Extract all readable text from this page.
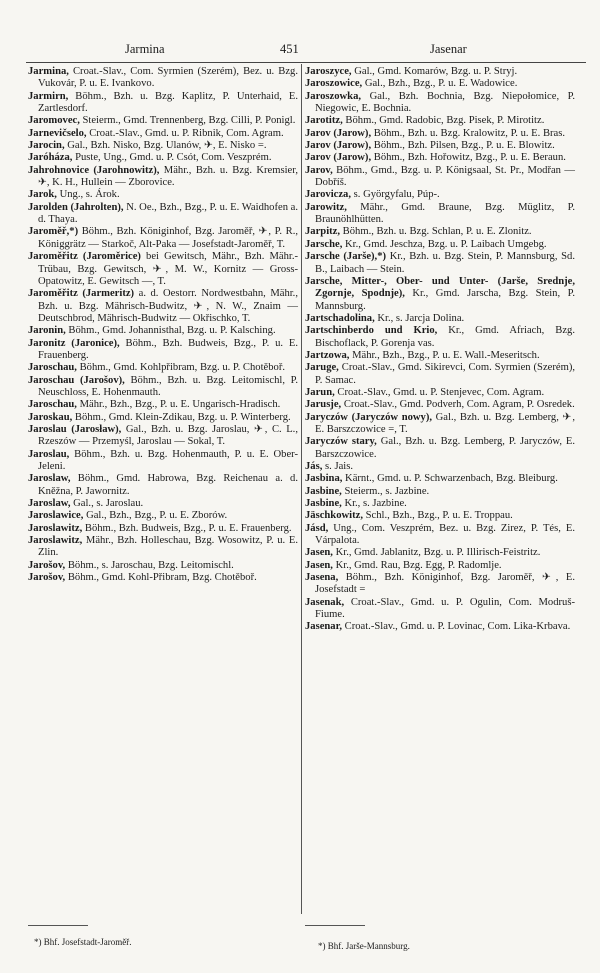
Jarmina	451	Jasenar

Jarmina, Croat.-Slav., Com. Syrmien (Szerém), Bez. u. Bzg. Vukovár, P. u. E. Ivankovo.

Jarmirn, Böhm., Bzh. u. Bzg. Kaplitz, P. Unterhaid, E. Zartlesdorf.

Jaromovec, Steierm., Gmd. Trennenberg, Bzg. Cilli, P. Ponigl.

Jarnevičselo, Croat.-Slav., Gmd. u. P. Ribnik, Com. Agram.

Jarocin, Gal., Bzh. Nisko, Bzg. Ulanów, ✈, E. Nisko =.

Jaróháza, Puste, Ung., Gmd. u. P. Csót, Com. Veszprém.

Jahrohnovice (Jarohnowitz), Mähr., Bzh. u. Bzg. Kremsier, ✈, K. H., Hullein — Zborovice.

Jarok, Ung., s. Árok.

Jarolden (Jahrolten), N. Oe., Bzh., Bzg., P. u. E. Waidhofen a. d. Thaya.

Jaroměř,*) Böhm., Bzh. Königinhof, Bzg. Jaroměř, ✈, P. R., Königgrätz — Starkoč, Alt-Paka — Josefstadt-Jaroměř, T.

Jaroměřitz (Jaroměrice) bei Gewitsch, Mähr., Bzh. Mähr.-Trübau, Bzg. Gewitsch, ✈, M. W., Kornitz — Gross-Opatowitz, E. Gewitsch —, T.

Jaroměřitz (Jarmeritz) a. d. Oestorr. Nordwestbahn, Mähr., Bzh. u. Bzg. Mährisch-Budwitz, ✈, N. W., Znaim — Deutschbrod, Mährisch-Budwitz — Okřischko, T.

Jaronin, Böhm., Gmd. Johannisthal, Bzg. u. P. Kalsching.

Jaronitz (Jaronice), Böhm., Bzh. Budweis, Bzg., P. u. E. Frauenberg.

Jaroschau, Böhm., Gmd. Kohlpřibram, Bzg. u. P. Chotěboř.

Jaroschau (Jarošov), Böhm., Bzh. u. Bzg. Leitomischl, P. Neuschloss, E. Hohenmauth.

Jaroschau, Mähr., Bzh., Bzg., P. u. E. Ungarisch-Hradisch.

Jaroskau, Böhm., Gmd. Klein-Zdikau, Bzg. u. P. Winterberg.

Jaroslau (Jarosław), Gal., Bzh. u. Bzg. Jaroslau, ✈, C. L., Rzeszów — Przemyśl, Jaroslau — Sokal, T.

Jaroslau, Böhm., Bzh. u. Bzg. Hohenmauth, P. u. E. Ober-Jeleni.

Jaroslaw, Böhm., Gmd. Habrowa, Bzg. Reichenau a. d. Kněžna, P. Jawornitz.

Jaroslaw, Gal., s. Jaroslau.

Jaroslawice, Gal., Bzh., Bzg., P. u. E. Zborów.

Jaroslawitz, Böhm., Bzh. Budweis, Bzg., P. u. E. Frauenberg.

Jaroslawitz, Mähr., Bzh. Holleschau, Bzg. Wosowitz, P. u. E. Zlin.

Jarošov, Böhm., s. Jaroschau, Bzg. Leitomischl.

Jarošov, Böhm., Gmd. Kohl-Přibram, Bzg. Chotěboř.

Jaroszyce, Gal., Gmd. Komarów, Bzg. u. P. Stryj.

Jaroszowice, Gal., Bzh., Bzg., P. u. E. Wadowice.

Jaroszowka, Gal., Bzh. Bochnia, Bzg. Niepołomice, P. Niegowic, E. Bochnia.

Jarotitz, Böhm., Gmd. Radobic, Bzg. Pisek, P. Mirotitz.

Jarov (Jarow), Böhm., Bzh. u. Bzg. Kralowitz, P. u. E. Bras.

Jarov (Jarow), Böhm., Bzh. Pilsen, Bzg., P. u. E. Blowitz.

Jarov (Jarow), Böhm., Bzh. Hořowitz, Bzg., P. u. E. Beraun.

Jarov, Böhm., Gmd., Bzg. u. P. Königsaal, St. Pr., Modřan — Dobříš.

Jarovicza, s. Györgyfalu, Púp-.

Jarowitz, Mähr., Gmd. Braune, Bzg. Müglitz, P. Braunöhlhütten.

Jarpitz, Böhm., Bzh. u. Bzg. Schlan, P. u. E. Zlonitz.

Jarsche, Kr., Gmd. Jeschza, Bzg. u. P. Laibach Umgebg.

Jarsche (Jarše),*) Kr., Bzh. u. Bzg. Stein, P. Mannsburg, Sd. B., Laibach — Stein.

Jarsche, Mitter-, Ober- und Unter- (Jarše, Srednje, Zgornje, Spodnje), Kr., Gmd. Jarscha, Bzg. Stein, P. Mannsburg.

Jartschadolina, Kr., s. Jarcja Dolina.

Jartschinberdo und Krio, Kr., Gmd. Afriach, Bzg. Bischoflack, P. Gorenja vas.

Jartzowa, Mähr., Bzh., Bzg., P. u. E. Wall.-Meseritsch.

Jaruge, Croat.-Slav., Gmd. Sikirevci, Com. Syrmien (Szerém), P. Samac.

Jarun, Croat.-Slav., Gmd. u. P. Stenjevec, Com. Agram.

Jarusje, Croat.-Slav., Gmd. Podverh, Com. Agram, P. Osredek.

Jaryczów (Jaryczów nowy), Gal., Bzh. u. Bzg. Lemberg, ✈, E. Barszczowice =, T.

Jaryczów stary, Gal., Bzh. u. Bzg. Lemberg, P. Jaryczów, E. Barszczowice.

Jás, s. Jais.

Jasbina, Kärnt., Gmd. u. P. Schwarzenbach, Bzg. Bleiburg.

Jasbine, Steierm., s. Jazbine.

Jasbine, Kr., s. Jazbine.

Jäschkowitz, Schl., Bzh., Bzg., P. u. E. Troppau.

Jásd, Ung., Com. Veszprém, Bez. u. Bzg. Zirez, P. Tés, E. Várpalota.

Jasen, Kr., Gmd. Jablanitz, Bzg. u. P. Illirisch-Feistritz.

Jasen, Kr., Gmd. Rau, Bzg. Egg, P. Radomlje.

Jasena, Böhm., Bzh. Königinhof, Bzg. Jaroměř, ✈, E. Josefstadt =

Jasenak, Croat.-Slav., Gmd. u. P. Ogulin, Com. Modruš-Fiume.

Jasenar, Croat.-Slav., Gmd. u. P. Lovinac, Com. Lika-Krbava.

*) Bhf. Josefstadt-Jaroměř.	*) Bhf. Jarše-Mannsburg.
